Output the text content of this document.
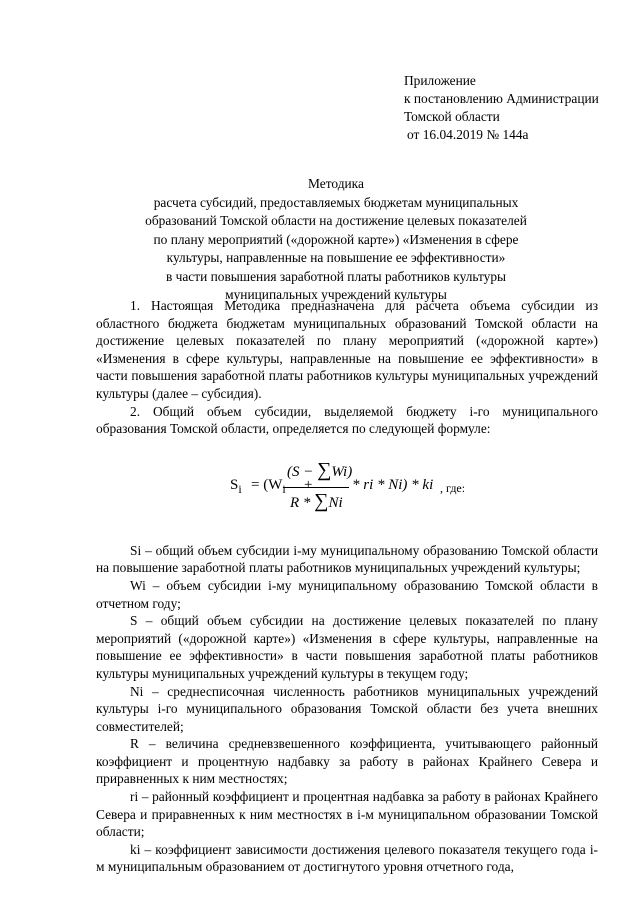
Приложение
к постановлению Администрации
Томской области
от 16.04.2019 № 144а
Методика
расчета субсидий, предоставляемых бюджетам муниципальных
образований Томской области на достижение целевых показателей
по плану мероприятий («дорожной карте») «Изменения в сфере
культуры, направленные на повышение ее эффективности»
в части повышения заработной платы работников культуры
муниципальных учреждений культуры

1. Настоящая Методика предназначена для расчета объема субсидии из областного бюджета бюджетам муниципальных образований Томской области на достижение целевых показателей по плану мероприятий («дорожной карте») «Изменения в сфере культуры, направленные на повышение ее эффективности» в части повышения заработной платы работников культуры муниципальных учреждений культуры (далее – субсидия).

2. Общий объем субсидии, выделяемой бюджету i-го муниципального образования Томской области, определяется по следующей формуле:

$S_i = (W_i$ +
(S − ∑Wi)
R * ∑Ni
* ri * Ni) * ki , где:

Si – общий объем субсидии i-му муниципальному образованию Томской области на повышение заработной платы работников муниципальных учреждений культуры;

Wi – объем субсидии i-му муниципальному образованию Томской области в отчетном году;

S – общий объем субсидии на достижение целевых показателей по плану мероприятий («дорожной карте») «Изменения в сфере культуры, направленные на повышение ее эффективности» в части повышения заработной платы работников культуры муниципальных учреждений культуры в текущем году;

Ni – среднесписочная численность работников муниципальных учреждений культуры i-го муниципального образования Томской области без учета внешних совместителей;

R – величина средневзвешенного коэффициента, учитывающего районный коэффициент и процентную надбавку за работу в районах Крайнего Севера и приравненных к ним местностях;

ri – районный коэффициент и процентная надбавка за работу в районах Крайнего Севера и приравненных к ним местностях в i-м муниципальном образовании Томской области;

ki – коэффициент зависимости достижения целевого показателя текущего года i-м муниципальным образованием от достигнутого уровня отчетного года,
